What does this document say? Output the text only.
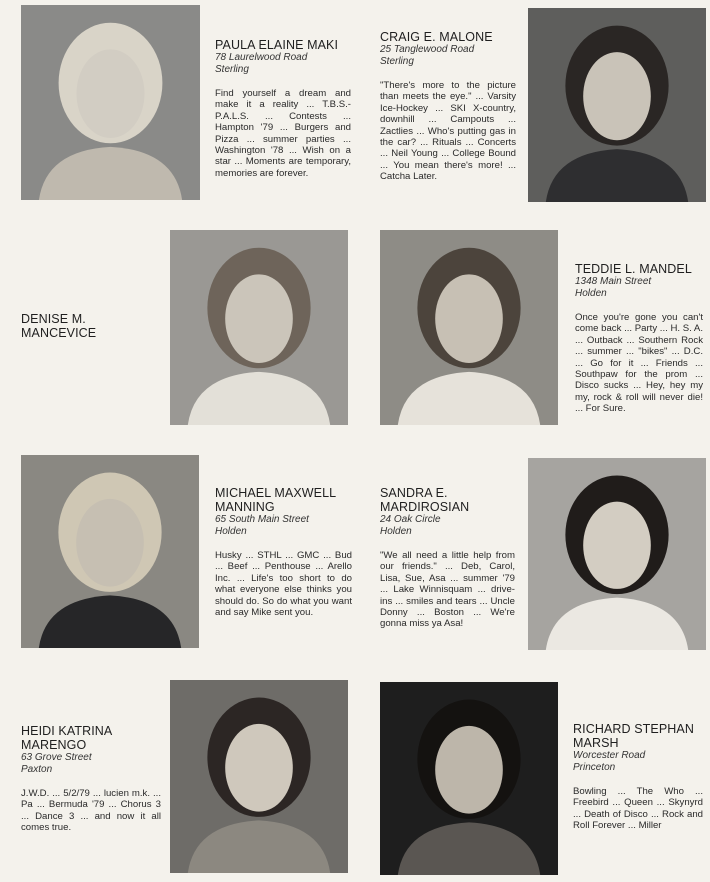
PAULA ELAINE MAKI
78 Laurelwood Road
Sterling
Find yourself a dream and make it a reality ... T.B.S.-P.A.L.S. ... Contests ... Hampton '79 ... Burgers and Pizza ... summer parties ... Washington '78 ... Wish on a star ... Moments are temporary, memories are forever.
CRAIG E. MALONE
25 Tanglewood Road
Sterling
"There's more to the picture than meets the eye." ... Varsity Ice-Hockey ... SKI X-country, downhill ... Campouts ... Zactlies ... Who's putting gas in the car? ... Rituals ... Concerts ... Neil Young ... College Bound ... You mean there's more! ... Catcha Later.
DENISE M.
MANCEVICE
TEDDIE L. MANDEL
1348 Main Street
Holden
Once you're gone you can't come back ... Party ... H. S. A. ... Outback ... Southern Rock ... summer ... "bikes" ... D.C. ... Go for it ... Friends ... Southpaw for the prom ... Disco sucks ... Hey, hey my my, rock & roll will never die! ... For Sure.
MICHAEL MAXWELL
MANNING
65 South Main Street
Holden
Husky ... STHL ... GMC ... Bud ... Beef ... Penthouse ... Arello Inc. ... Life's too short to do what everyone else thinks you should do. So do what you want and say Mike sent you.
SANDRA E.
MARDIROSIAN
24 Oak Circle
Holden
"We all need a little help from our friends." ... Deb, Carol, Lisa, Sue, Asa ... summer '79 ... Lake Winnisquam ... drive-ins ... smiles and tears ... Uncle Donny ... Boston ... We're gonna miss ya Asa!
HEIDI KATRINA
MARENGO
63 Grove Street
Paxton
J.W.D. ... 5/2/79 ... lucien m.k. ... Pa ... Bermuda '79 ... Chorus 3 ... Dance 3 ... and now it all comes true.
RICHARD STEPHAN
MARSH
Worcester Road
Princeton
Bowling ... The Who ... Freebird ... Queen ... Skynyrd ... Death of Disco ... Rock and Roll Forever ... Miller
